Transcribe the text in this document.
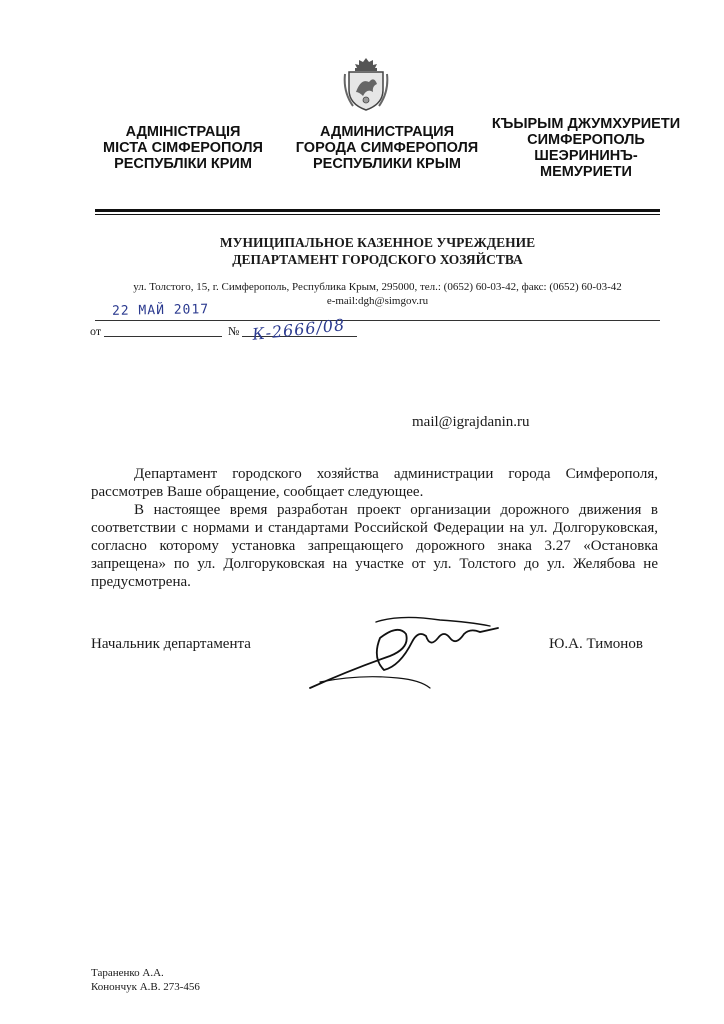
АДМІНІСТРАЦІЯ
МІСТА СІМФЕРОПОЛЯ
РЕСПУБЛІКИ КРИМ
АДМИНИСТРАЦИЯ
ГОРОДА СИМФЕРОПОЛЯ
РЕСПУБЛИКИ КРЫМ
КЪЫРЫМ ДЖУМХУРИЕТИ
СИМФЕРОПОЛЬ
ШЕЭРИНИНЪ-
МЕМУРИЕТИ
МУНИЦИПАЛЬНОЕ КАЗЕННОЕ УЧРЕЖДЕНИЕ
ДЕПАРТАМЕНТ ГОРОДСКОГО ХОЗЯЙСТВА
ул. Толстого, 15, г. Симферополь, Республика Крым, 295000, тел.: (0652) 60-03-42, факс: (0652) 60-03-42
e-mail:dgh@simgov.ru
от	№
22 МАЙ 2017
К-2666/08
mail@igrajdanin.ru

Департамент городского хозяйства администрации города Симферополя, рассмотрев Ваше обращение, сообщает следующее.

В настоящее время разработан проект организации дорожного движения в соответствии с нормами и стандартами Российской Федерации на ул. Долгоруковская, согласно которому установка запрещающего дорожного знака 3.27 «Остановка запрещена» по ул. Долгоруковская на участке от ул. Толстого до ул. Желябова не предусмотрена.

Начальник департамента	Ю.А. Тимонов
Тараненко А.А.
Конончук А.В. 273-456
